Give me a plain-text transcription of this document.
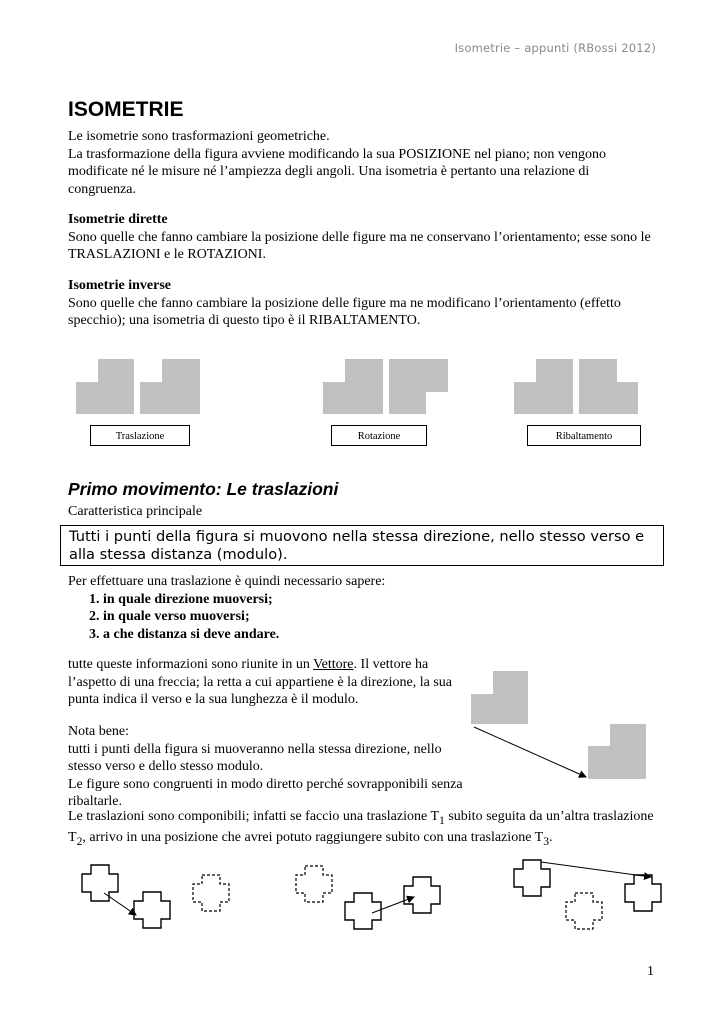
Isometrie – appunti (RBossi 2012)
ISOMETRIE
Le isometrie sono trasformazioni geometriche.
La trasformazione della figura avviene modificando la sua POSIZIONE nel piano; non vengono modificate né le misure né l’ampiezza degli angoli. Una isometria è pertanto una relazione di congruenza.
Isometrie dirette
Sono quelle che fanno cambiare la posizione delle figure ma ne conservano l’orientamento; esse sono le TRASLAZIONI e le ROTAZIONI.
Isometrie inverse
Sono quelle che fanno cambiare la posizione delle figure ma ne modificano l’orientamento (effetto specchio); una isometria di questo tipo è il RIBALTAMENTO.
Traslazione	Rotazione	Ribaltamento
Primo movimento: Le traslazioni
Caratteristica principale
Tutti i punti della figura si muovono nella stessa direzione, nello stesso verso e alla stessa distanza (modulo).
Per effettuare una traslazione è quindi necessario sapere:
1. in quale direzione muoversi;
2. in quale verso muoversi;
3. a che distanza si deve andare.
tutte queste informazioni sono riunite in un Vettore. Il vettore ha l’aspetto di una freccia; la retta a cui appartiene è la direzione, la sua punta indica il verso e la sua lunghezza è il modulo.
Nota bene:
tutti i punti della figura si muoveranno nella stessa direzione, nello stesso verso e dello stesso modulo.
Le figure sono congruenti in modo diretto perché sovrapponibili senza ribaltarle.
Le traslazioni sono componibili; infatti se faccio una traslazione $T_1$ subito seguita da un’altra traslazione $T_2$, arrivo in una posizione che avrei potuto raggiungere subito con una traslazione $T_3$.
1
